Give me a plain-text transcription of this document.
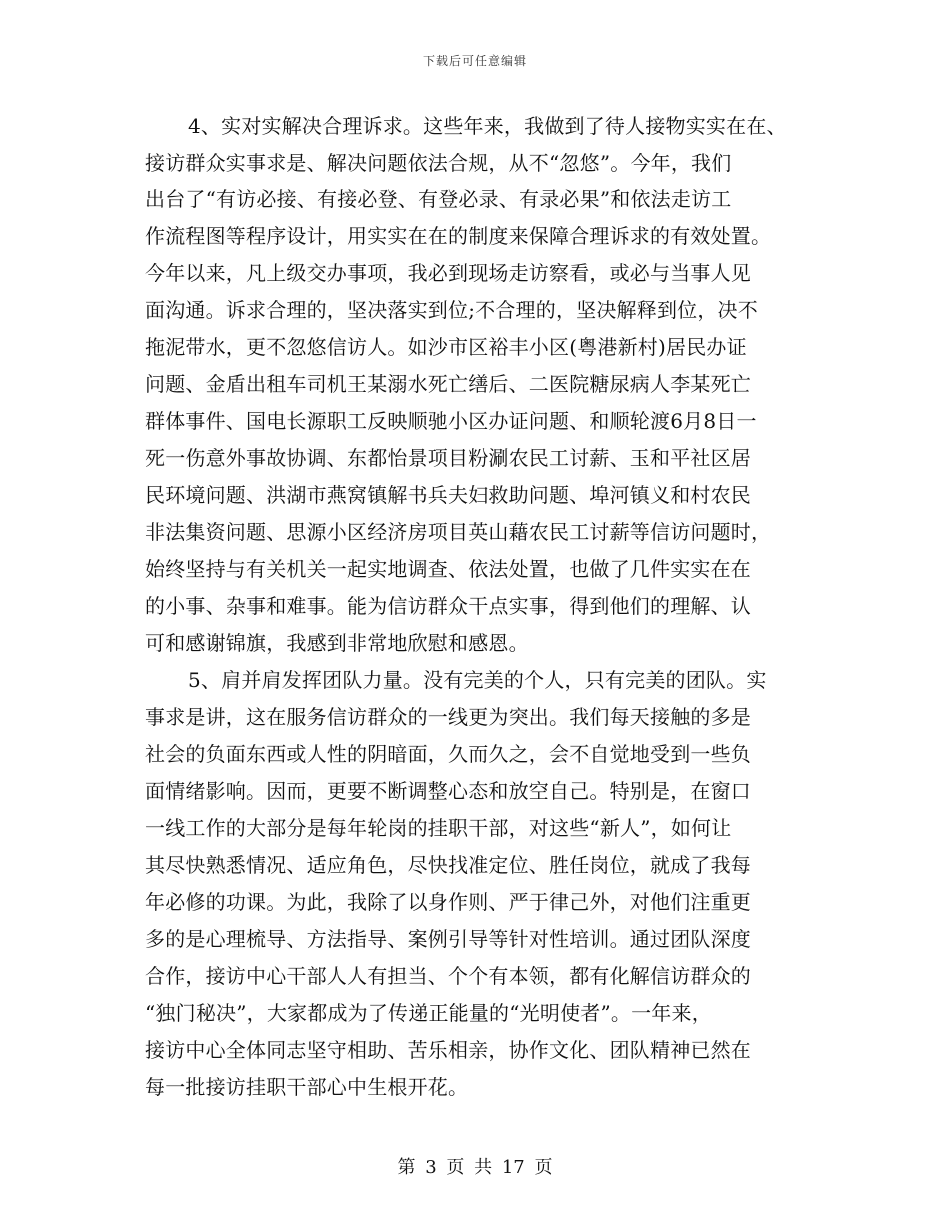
下载后可任意编辑
4、实对实解决合理诉求。这些年来，我做到了待人接物实实在在、
接访群众实事求是、解决问题依法合规，从不“忽悠”。今年，我们
出台了“有访必接、有接必登、有登必录、有录必果”和依法走访工
作流程图等程序设计，用实实在在的制度来保障合理诉求的有效处置。
今年以来，凡上级交办事项，我必到现场走访察看，或必与当事人见
面沟通。诉求合理的，坚决落实到位;不合理的，坚决解释到位，决不
拖泥带水，更不忽悠信访人。如沙市区裕丰小区(粤港新村)居民办证
问题、金盾出租车司机王某溺水死亡缮后、二医院糖尿病人李某死亡
群体事件、国电长源职工反映顺驰小区办证问题、和顺轮渡6月8日一
死一伤意外事故协调、东都怡景项目粉涮农民工讨薪、玉和平社区居
民环境问题、洪湖市燕窝镇解书兵夫妇救助问题、埠河镇义和村农民
非法集资问题、思源小区经济房项目英山藉农民工讨薪等信访问题时，
始终坚持与有关机关一起实地调查、依法处置，也做了几件实实在在
的小事、杂事和难事。能为信访群众干点实事，得到他们的理解、认
可和感谢锦旗，我感到非常地欣慰和感恩。
5、肩并肩发挥团队力量。没有完美的个人，只有完美的团队。实
事求是讲，这在服务信访群众的一线更为突出。我们每天接触的多是
社会的负面东西或人性的阴暗面，久而久之，会不自觉地受到一些负
面情绪影响。因而，更要不断调整心态和放空自己。特别是，在窗口
一线工作的大部分是每年轮岗的挂职干部，对这些“新人”，如何让
其尽快熟悉情况、适应角色，尽快找准定位、胜任岗位，就成了我每
年必修的功课。为此，我除了以身作则、严于律己外，对他们注重更
多的是心理梳导、方法指导、案例引导等针对性培训。通过团队深度
合作，接访中心干部人人有担当、个个有本领，都有化解信访群众的
“独门秘决”，大家都成为了传递正能量的“光明使者”。一年来，
接访中心全体同志坚守相助、苦乐相亲，协作文化、团队精神已然在
每一批接访挂职干部心中生根开花。
第 3 页 共 17 页
